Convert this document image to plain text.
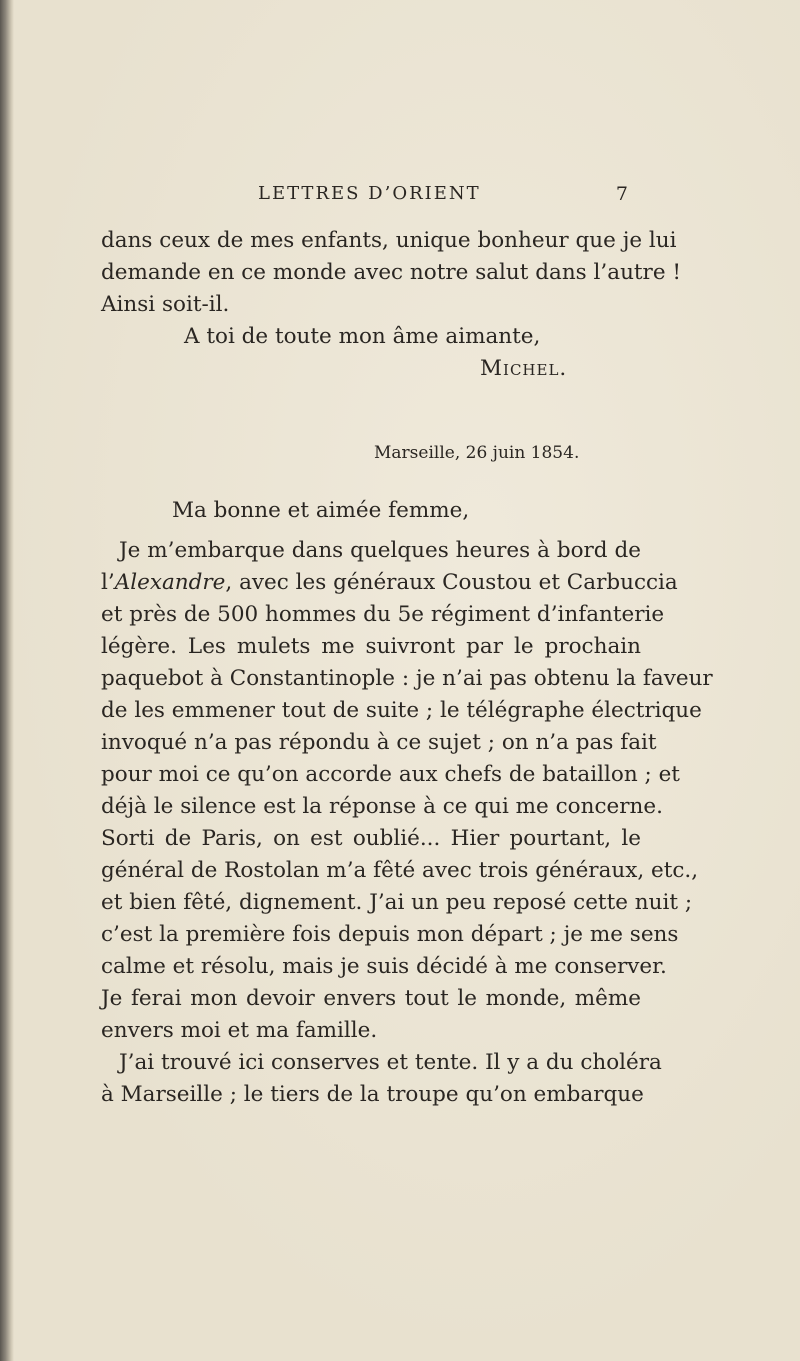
LETTRES D’ORIENT	7
dans ceux de mes enfants, unique bonheur que je lui
demande en ce monde avec notre salut dans l’autre !
Ainsi soit-il.
A toi de toute mon âme aimante,
Michel.
Marseille, 26 juin 1854.
Ma bonne et aimée femme,
Je m’embarque dans quelques heures à bord de
l’Alexandre, avec les généraux Coustou et Carbuccia
et près de 500 hommes du 5e régiment d’infanterie
légère. Les mulets me suivront par le prochain
paquebot à Constantinople : je n’ai pas obtenu la faveur
de les emmener tout de suite ; le télégraphe électrique
invoqué n’a pas répondu à ce sujet ; on n’a pas fait
pour moi ce qu’on accorde aux chefs de bataillon ; et
déjà le silence est la réponse à ce qui me concerne.
Sorti de Paris, on est oublié... Hier pourtant, le
général de Rostolan m’a fêté avec trois généraux, etc.,
et bien fêté, dignement. J’ai un peu reposé cette nuit ;
c’est la première fois depuis mon départ ; je me sens
calme et résolu, mais je suis décidé à me conserver.
Je ferai mon devoir envers tout le monde, même
envers moi et ma famille.
J’ai trouvé ici conserves et tente. Il y a du choléra
à Marseille ; le tiers de la troupe qu’on embarque
